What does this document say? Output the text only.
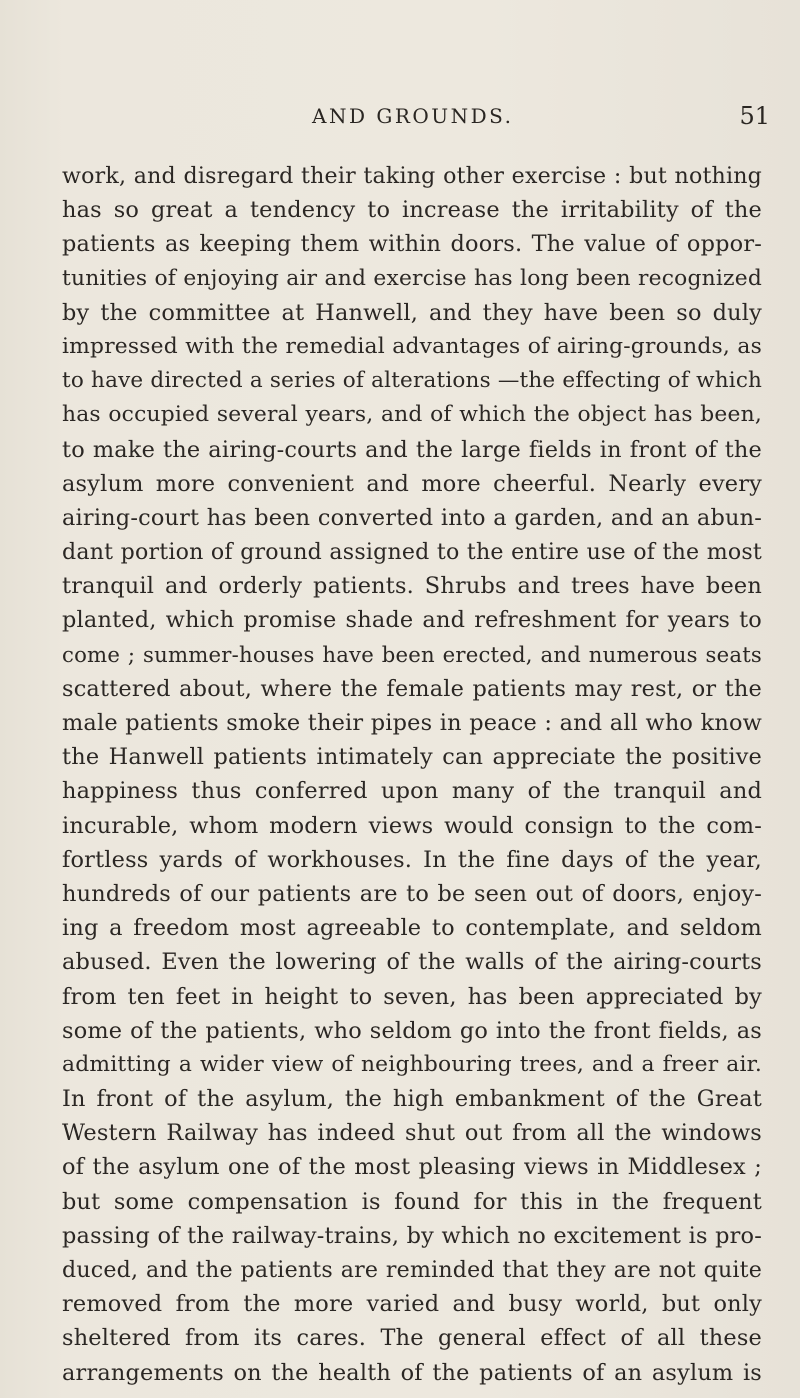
AND GROUNDS.	51
work, and disregard their taking other exercise : but nothing
has so great a tendency to increase the irritability of the
patients as keeping them within doors. The value of oppor-
tunities of enjoying air and exercise has long been recognized
by the committee at Hanwell, and they have been so duly
impressed with the remedial advantages of airing-grounds, as
to have directed a series of alterations —the effecting of which
has occupied several years, and of which the object has been,
to make the airing-courts and the large fields in front of the
asylum more convenient and more cheerful. Nearly every
airing-court has been converted into a garden, and an abun-
dant portion of ground assigned to the entire use of the most
tranquil and orderly patients. Shrubs and trees have been
planted, which promise shade and refreshment for years to
come ; summer-houses have been erected, and numerous seats
scattered about, where the female patients may rest, or the
male patients smoke their pipes in peace : and all who know
the Hanwell patients intimately can appreciate the positive
happiness thus conferred upon many of the tranquil and
incurable, whom modern views would consign to the com-
fortless yards of workhouses. In the fine days of the year,
hundreds of our patients are to be seen out of doors, enjoy-
ing a freedom most agreeable to contemplate, and seldom
abused. Even the lowering of the walls of the airing-courts
from ten feet in height to seven, has been appreciated by
some of the patients, who seldom go into the front fields, as
admitting a wider view of neighbouring trees, and a freer air.
In front of the asylum, the high embankment of the Great
Western Railway has indeed shut out from all the windows
of the asylum one of the most pleasing views in Middlesex ;
but some compensation is found for this in the frequent
passing of the railway-trains, by which no excitement is pro-
duced, and the patients are reminded that they are not quite
removed from the more varied and busy world, but only
sheltered from its cares. The general effect of all these
arrangements on the health of the patients of an asylum is
